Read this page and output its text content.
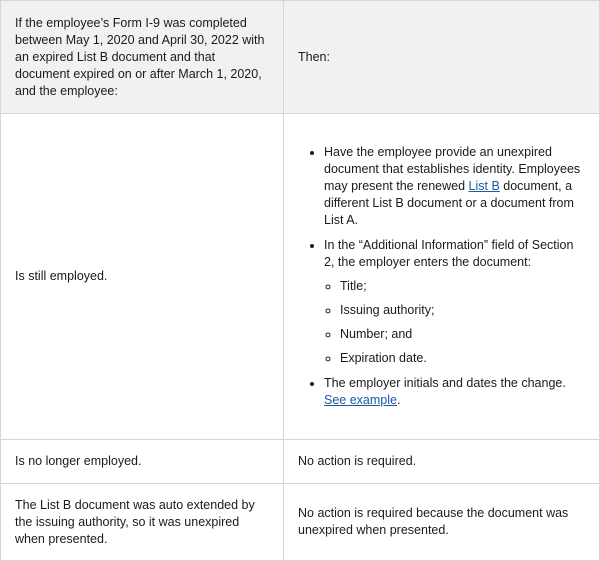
If the employee’s Form I-9 was completed between May 1, 2020 and April 30, 2022 with an expired List B document and that document expired on or after March 1, 2020, and the employee:

Then:

Is still employed.

• Have the employee provide an unexpired document that establishes identity. Employees may present the renewed List B document, a different List B document or a document from List A.
• In the “Additional Information” field of Section 2, the employer enters the document:
◦ Title;
◦ Issuing authority;
◦ Number; and
◦ Expiration date.
• The employer initials and dates the change. See example.

Is no longer employed.	No action is required.

The List B document was auto extended by the issuing authority, so it was unexpired when presented.

No action is required because the document was unexpired when presented.
